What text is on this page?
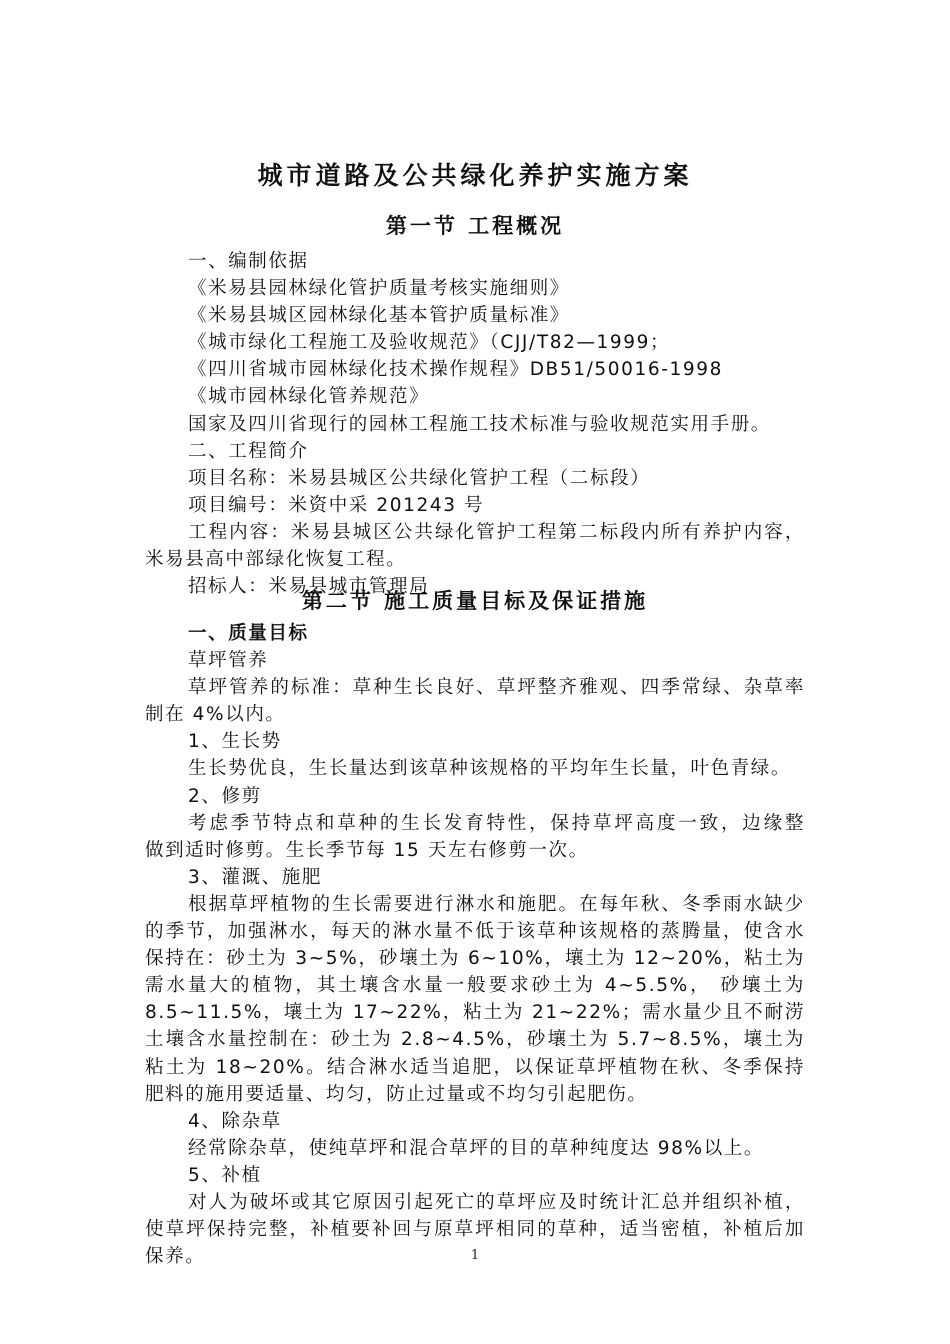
城市道路及公共绿化养护实施方案
第一节 工程概况
一、编制依据
《米易县园林绿化管护质量考核实施细则》
《米易县城区园林绿化基本管护质量标准》
《城市绿化工程施工及验收规范》（CJJ/T82—1999；
《四川省城市园林绿化技术操作规程》DB51/50016-1998
《城市园林绿化管养规范》
国家及四川省现行的园林工程施工技术标准与验收规范实用手册。
二、工程简介
项目名称：米易县城区公共绿化管护工程（二标段）
项目编号：米资中采 201243 号
工程内容：米易县城区公共绿化管护工程第二标段内所有养护内容，
米易县高中部绿化恢复工程。
招标人：米易县城市管理局
第二节 施工质量目标及保证措施
一、质量目标
草坪管养
草坪管养的标准：草种生长良好、草坪整齐雅观、四季常绿、杂草率
制在 4%以内。
1、生长势
生长势优良，生长量达到该草种该规格的平均年生长量，叶色青绿。
2、修剪
考虑季节特点和草种的生长发育特性，保持草坪高度一致，边缘整
做到适时修剪。生长季节每 15 天左右修剪一次。
3、灌溉、施肥
根据草坪植物的生长需要进行淋水和施肥。在每年秋、冬季雨水缺少
的季节，加强淋水，每天的淋水量不低于该草种该规格的蒸腾量，使含水
保持在：砂土为 3~5%，砂壤土为 6~10%，壤土为 12~20%，粘土为
需水量大的植物，其土壤含水量一般要求砂土为 4~5.5%， 砂壤土为
8.5~11.5%，壤土为 17~22%，粘土为 21~22%；需水量少且不耐涝
土壤含水量控制在：砂土为 2.8~4.5%，砂壤土为 5.7~8.5%，壤土为
粘土为 18~20%。结合淋水适当追肥，以保证草坪植物在秋、冬季保持
肥料的施用要适量、均匀，防止过量或不均匀引起肥伤。
4、除杂草
经常除杂草，使纯草坪和混合草坪的目的草种纯度达 98%以上。
5、补植
对人为破坏或其它原因引起死亡的草坪应及时统计汇总并组织补植，
使草坪保持完整，补植要补回与原草坪相同的草种，适当密植，补植后加
保养。	1
